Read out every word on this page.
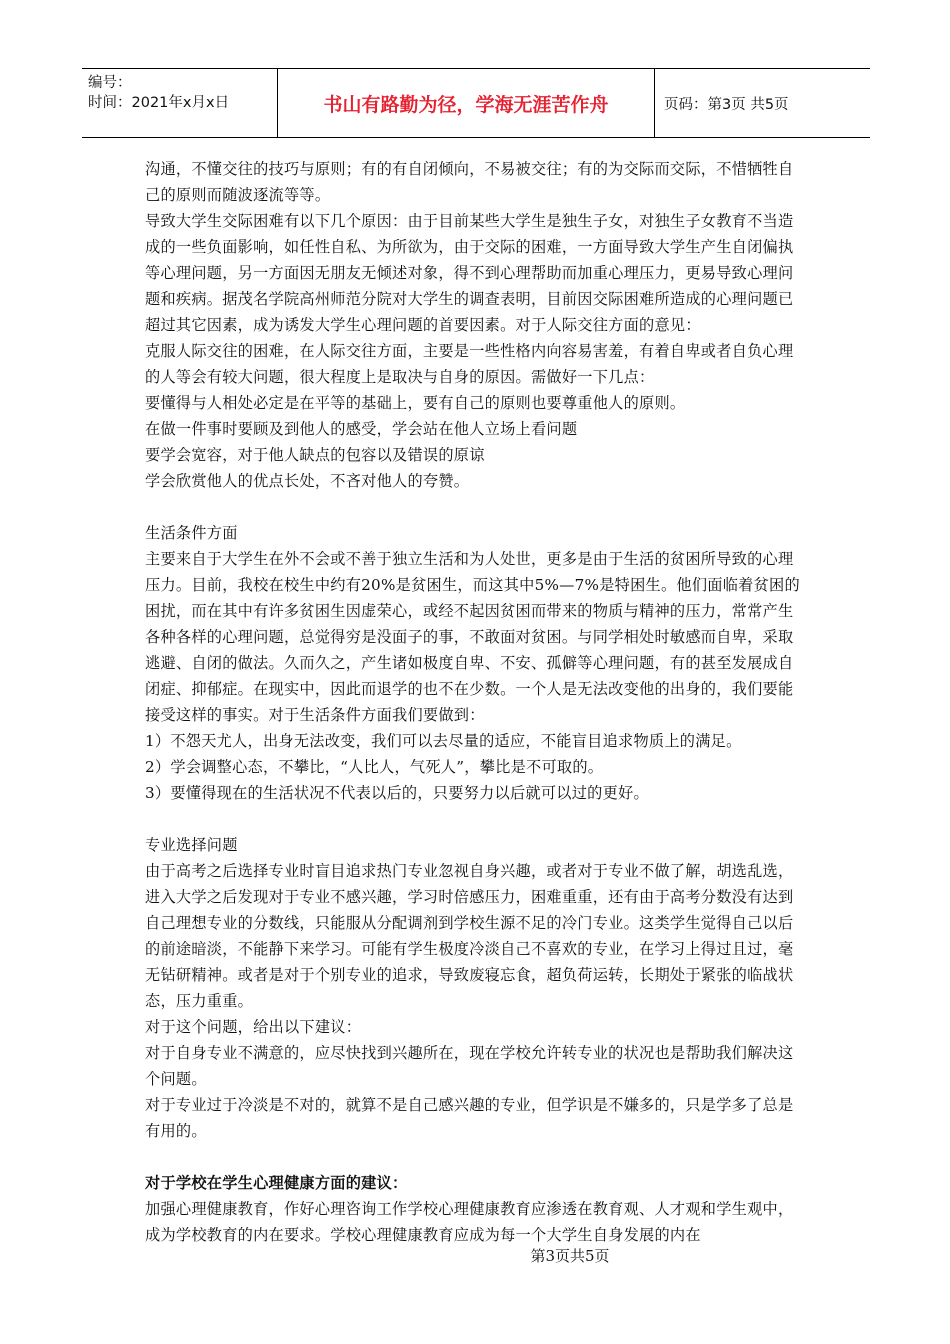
编号：
时间：2021年x月x日	书山有路勤为径，学海无涯苦作舟	页码：第3页 共5页

沟通，不懂交往的技巧与原则；有的有自闭倾向，不易被交往；有的为交际而交际，不惜牺牲自己的原则而随波逐流等等。

导致大学生交际困难有以下几个原因：由于目前某些大学生是独生子女，对独生子女教育不当造成的一些负面影响，如任性自私、为所欲为，由于交际的困难，一方面导致大学生产生自闭偏执等心理问题，另一方面因无朋友无倾述对象，得不到心理帮助而加重心理压力，更易导致心理问题和疾病。据茂名学院高州师范分院对大学生的调查表明，目前因交际困难所造成的心理问题已超过其它因素，成为诱发大学生心理问题的首要因素。对于人际交往方面的意见：

克服人际交往的困难，在人际交往方面，主要是一些性格内向容易害羞，有着自卑或者自负心理的人等会有较大问题，很大程度上是取决与自身的原因。需做好一下几点：

要懂得与人相处必定是在平等的基础上，要有自己的原则也要尊重他人的原则。

在做一件事时要顾及到他人的感受，学会站在他人立场上看问题

要学会宽容，对于他人缺点的包容以及错误的原谅

学会欣赏他人的优点长处，不吝对他人的夸赞。

生活条件方面

主要来自于大学生在外不会或不善于独立生活和为人处世，更多是由于生活的贫困所导致的心理压力。目前，我校在校生中约有20%是贫困生，而这其中5%—7%是特困生。他们面临着贫困的困扰，而在其中有许多贫困生因虚荣心，或经不起因贫困而带来的物质与精神的压力，常常产生各种各样的心理问题，总觉得穷是没面子的事，不敢面对贫困。与同学相处时敏感而自卑，采取逃避、自闭的做法。久而久之，产生诸如极度自卑、不安、孤僻等心理问题，有的甚至发展成自闭症、抑郁症。在现实中，因此而退学的也不在少数。一个人是无法改变他的出身的，我们要能接受这样的事实。对于生活条件方面我们要做到：

1）不怨天尤人，出身无法改变，我们可以去尽量的适应，不能盲目追求物质上的满足。

2）学会调整心态，不攀比，“人比人，气死人”，攀比是不可取的。

3）要懂得现在的生活状况不代表以后的，只要努力以后就可以过的更好。

专业选择问题

由于高考之后选择专业时盲目追求热门专业忽视自身兴趣，或者对于专业不做了解，胡选乱选，进入大学之后发现对于专业不感兴趣，学习时倍感压力，困难重重，还有由于高考分数没有达到自己理想专业的分数线，只能服从分配调剂到学校生源不足的冷门专业。这类学生觉得自己以后的前途暗淡，不能静下来学习。可能有学生极度冷淡自己不喜欢的专业，在学习上得过且过，毫无钻研精神。或者是对于个别专业的追求，导致废寝忘食，超负荷运转，长期处于紧张的临战状态，压力重重。

对于这个问题，给出以下建议：

对于自身专业不满意的，应尽快找到兴趣所在，现在学校允许转专业的状况也是帮助我们解决这个问题。

对于专业过于冷淡是不对的，就算不是自己感兴趣的专业，但学识是不嫌多的，只是学多了总是有用的。

对于学校在学生心理健康方面的建议：

加强心理健康教育，作好心理咨询工作学校心理健康教育应渗透在教育观、人才观和学生观中，成为学校教育的内在要求。学校心理健康教育应成为每一个大学生自身发展的内在

第3页共5页
